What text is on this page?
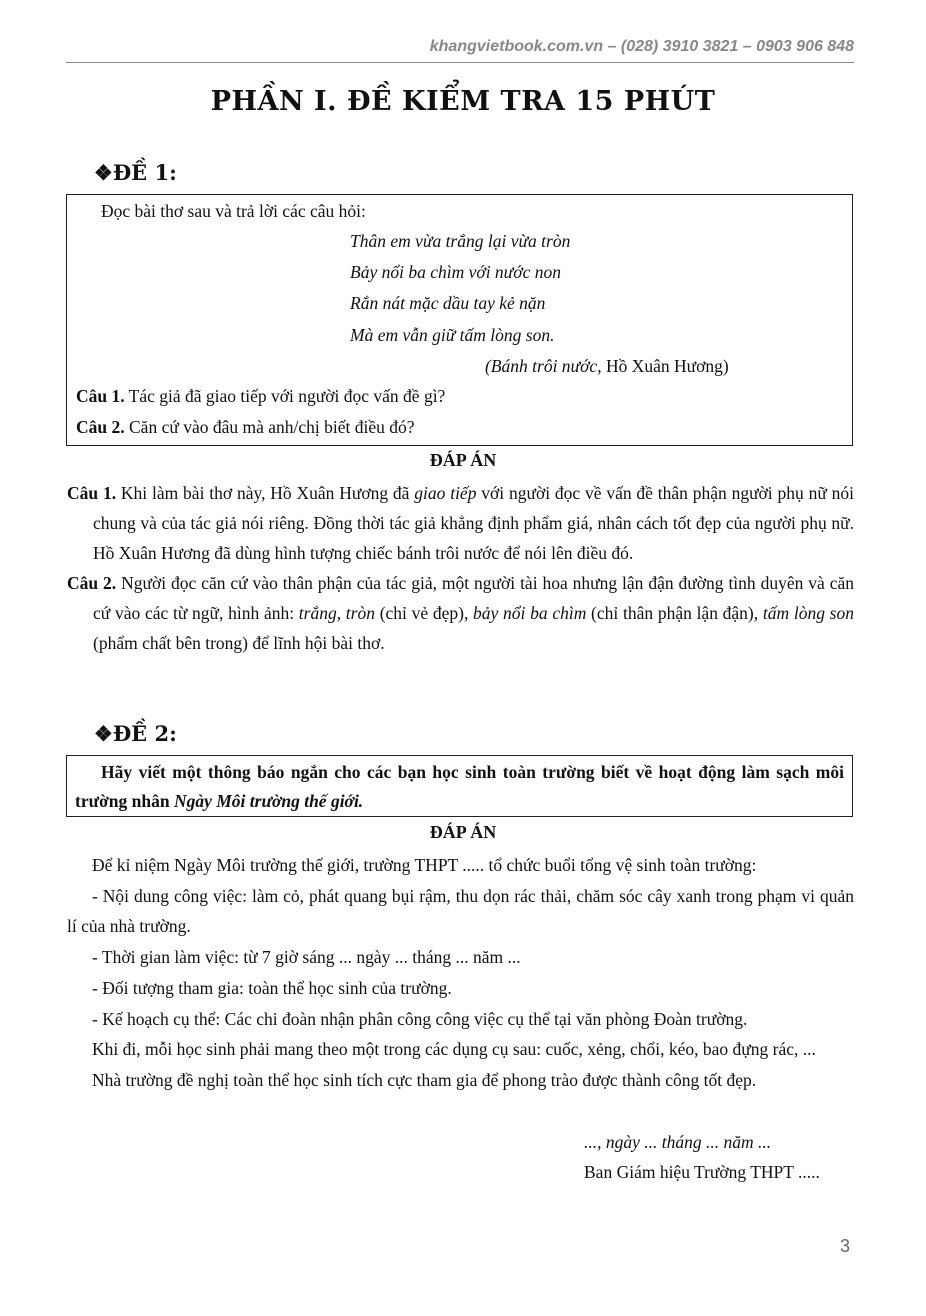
khangvietbook.com.vn – (028) 3910 3821 – 0903 906 848
PHẦN I. ĐỀ KIỂM TRA 15 PHÚT
❖ĐỀ 1:
Đọc bài thơ sau và trả lời các câu hỏi:
Thân em vừa trắng lại vừa tròn
Bảy nổi ba chìm với nước non
Rắn nát mặc dầu tay kẻ nặn
Mà em vẫn giữ tấm lòng son.
(Bánh trôi nước, Hồ Xuân Hương)
Câu 1. Tác giả đã giao tiếp với người đọc vấn đề gì?
Câu 2. Căn cứ vào đâu mà anh/chị biết điều đó?
ĐÁP ÁN
Câu 1. Khi làm bài thơ này, Hồ Xuân Hương đã giao tiếp với người đọc về vấn đề thân phận người phụ nữ nói chung và của tác giả nói riêng. Đồng thời tác giả khẳng định phẩm giá, nhân cách tốt đẹp của người phụ nữ. Hồ Xuân Hương đã dùng hình tượng chiếc bánh trôi nước để nói lên điều đó.
Câu 2. Người đọc căn cứ vào thân phận của tác giả, một người tài hoa nhưng lận đận đường tình duyên và căn cứ vào các từ ngữ, hình ảnh: trắng, tròn (chỉ vẻ đẹp), bảy nổi ba chìm (chỉ thân phận lận đận), tấm lòng son (phẩm chất bên trong) để lĩnh hội bài thơ.
❖ĐỀ 2:
Hãy viết một thông báo ngắn cho các bạn học sinh toàn trường biết về hoạt động làm sạch môi trường nhân Ngày Môi trường thế giới.
ĐÁP ÁN
Để kỉ niệm Ngày Môi trường thế giới, trường THPT ..... tổ chức buổi tổng vệ sinh toàn trường:
- Nội dung công việc: làm cỏ, phát quang bụi rậm, thu dọn rác thải, chăm sóc cây xanh trong phạm vi quản lí của nhà trường.
- Thời gian làm việc: từ 7 giờ sáng ... ngày ... tháng ... năm ...
- Đối tượng tham gia: toàn thể học sinh của trường.
- Kế hoạch cụ thể: Các chi đoàn nhận phân công công việc cụ thể tại văn phòng Đoàn trường.
Khi đi, mỗi học sinh phải mang theo một trong các dụng cụ sau: cuốc, xẻng, chổi, kéo, bao đựng rác, ...
Nhà trường đề nghị toàn thể học sinh tích cực tham gia để phong trào được thành công tốt đẹp.
..., ngày ... tháng ... năm ...
Ban Giám hiệu Trường THPT .....
3
